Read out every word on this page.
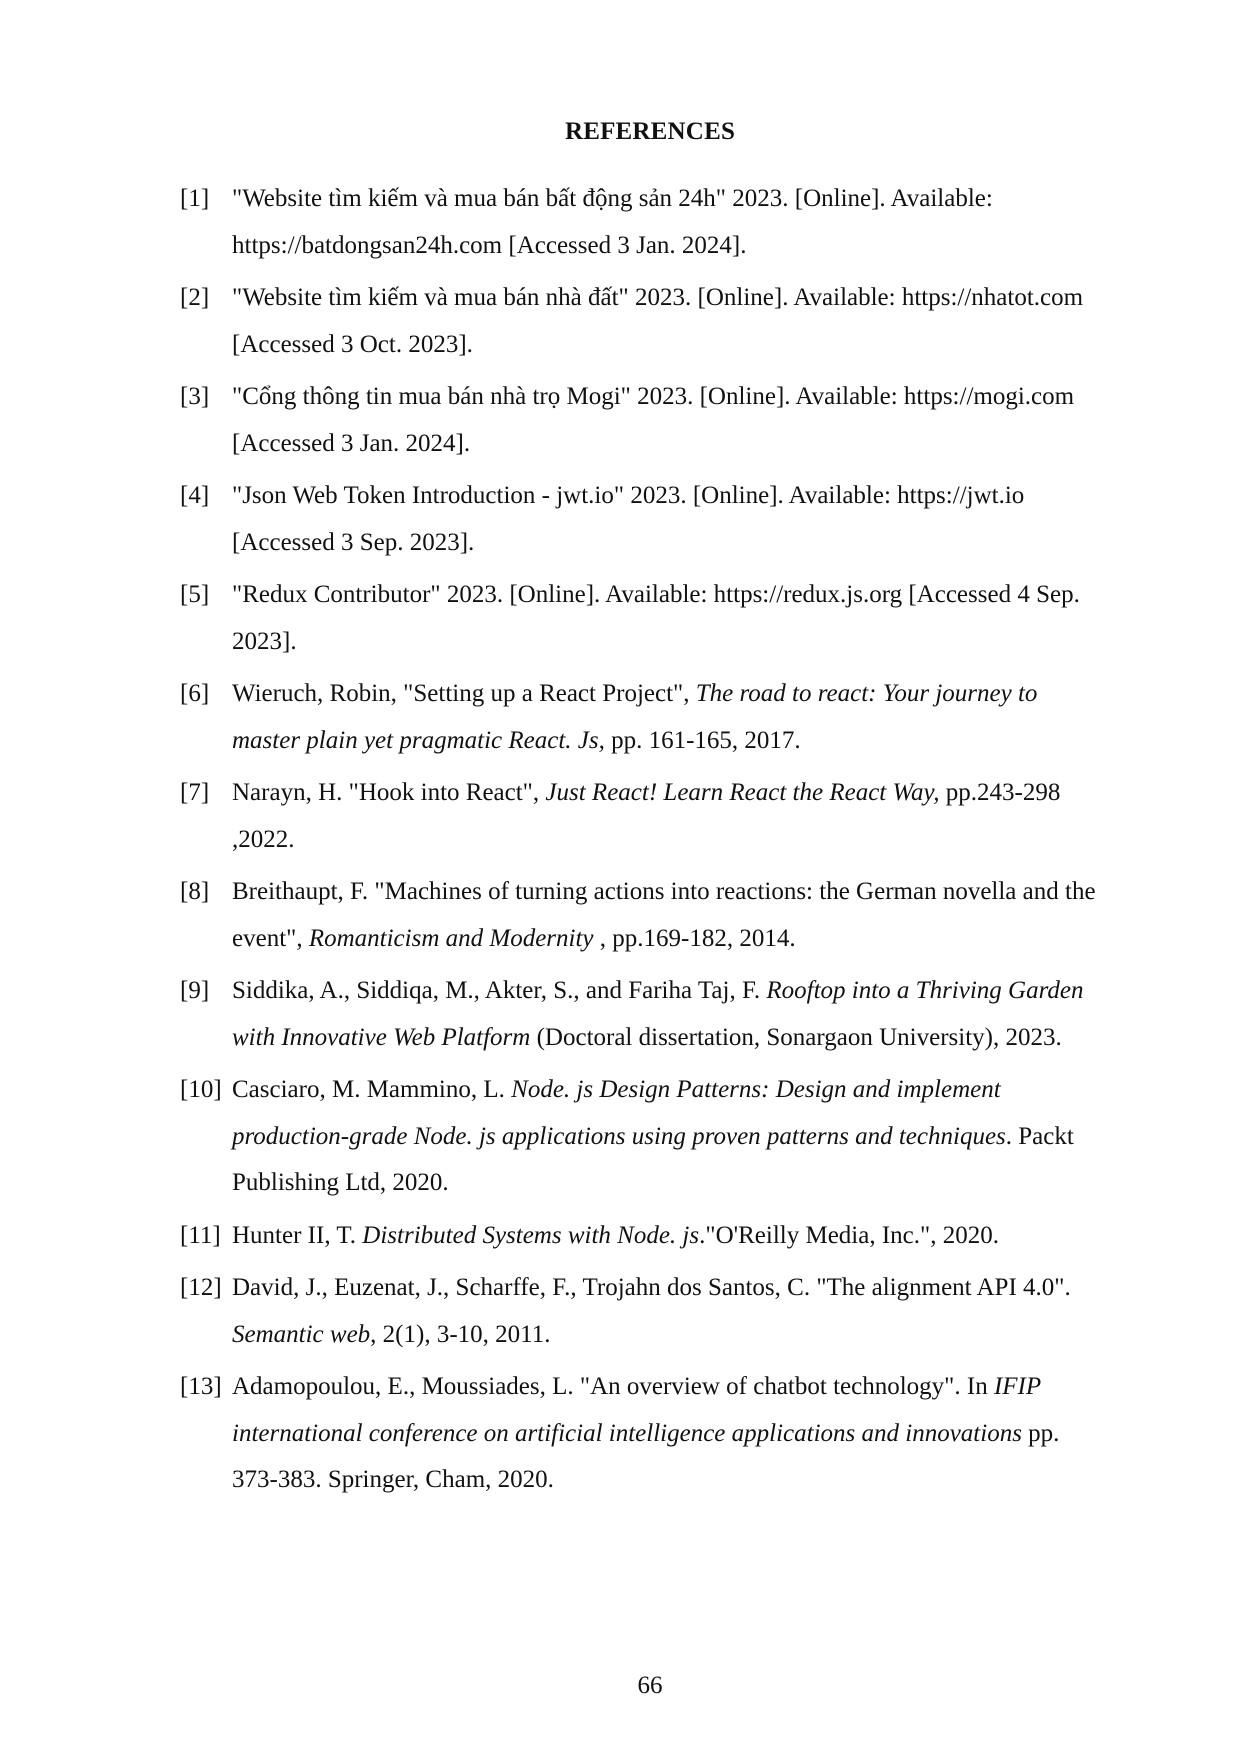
REFERENCES
[1] "Website tìm kiếm và mua bán bất động sản 24h" 2023. [Online]. Available: https://batdongsan24h.com [Accessed 3 Jan. 2024].
[2] "Website tìm kiếm và mua bán nhà đất" 2023. [Online]. Available: https://nhatot.com [Accessed 3 Oct. 2023].
[3] "Cổng thông tin mua bán nhà trọ Mogi" 2023. [Online]. Available: https://mogi.com [Accessed 3 Jan. 2024].
[4] "Json Web Token Introduction - jwt.io" 2023. [Online]. Available: https://jwt.io [Accessed 3 Sep. 2023].
[5] "Redux Contributor" 2023. [Online]. Available: https://redux.js.org [Accessed 4 Sep. 2023].
[6] Wieruch, Robin, "Setting up a React Project", The road to react: Your journey to master plain yet pragmatic React. Js, pp. 161-165, 2017.
[7] Narayn, H. "Hook into React", Just React! Learn React the React Way, pp.243-298 ,2022.
[8] Breithaupt, F. "Machines of turning actions into reactions: the German novella and the event", Romanticism and Modernity , pp.169-182, 2014.
[9] Siddika, A., Siddiqa, M., Akter, S., and Fariha Taj, F. Rooftop into a Thriving Garden with Innovative Web Platform (Doctoral dissertation, Sonargaon University), 2023.
[10] Casciaro, M. Mammino, L. Node. js Design Patterns: Design and implement production-grade Node. js applications using proven patterns and techniques. Packt Publishing Ltd, 2020.
[11] Hunter II, T. Distributed Systems with Node. js."O'Reilly Media, Inc.", 2020.
[12] David, J., Euzenat, J., Scharffe, F., Trojahn dos Santos, C. "The alignment API 4.0". Semantic web, 2(1), 3-10, 2011.
[13] Adamopoulou, E., Moussiades, L. "An overview of chatbot technology". In IFIP international conference on artificial intelligence applications and innovations pp. 373-383. Springer, Cham, 2020.
66
